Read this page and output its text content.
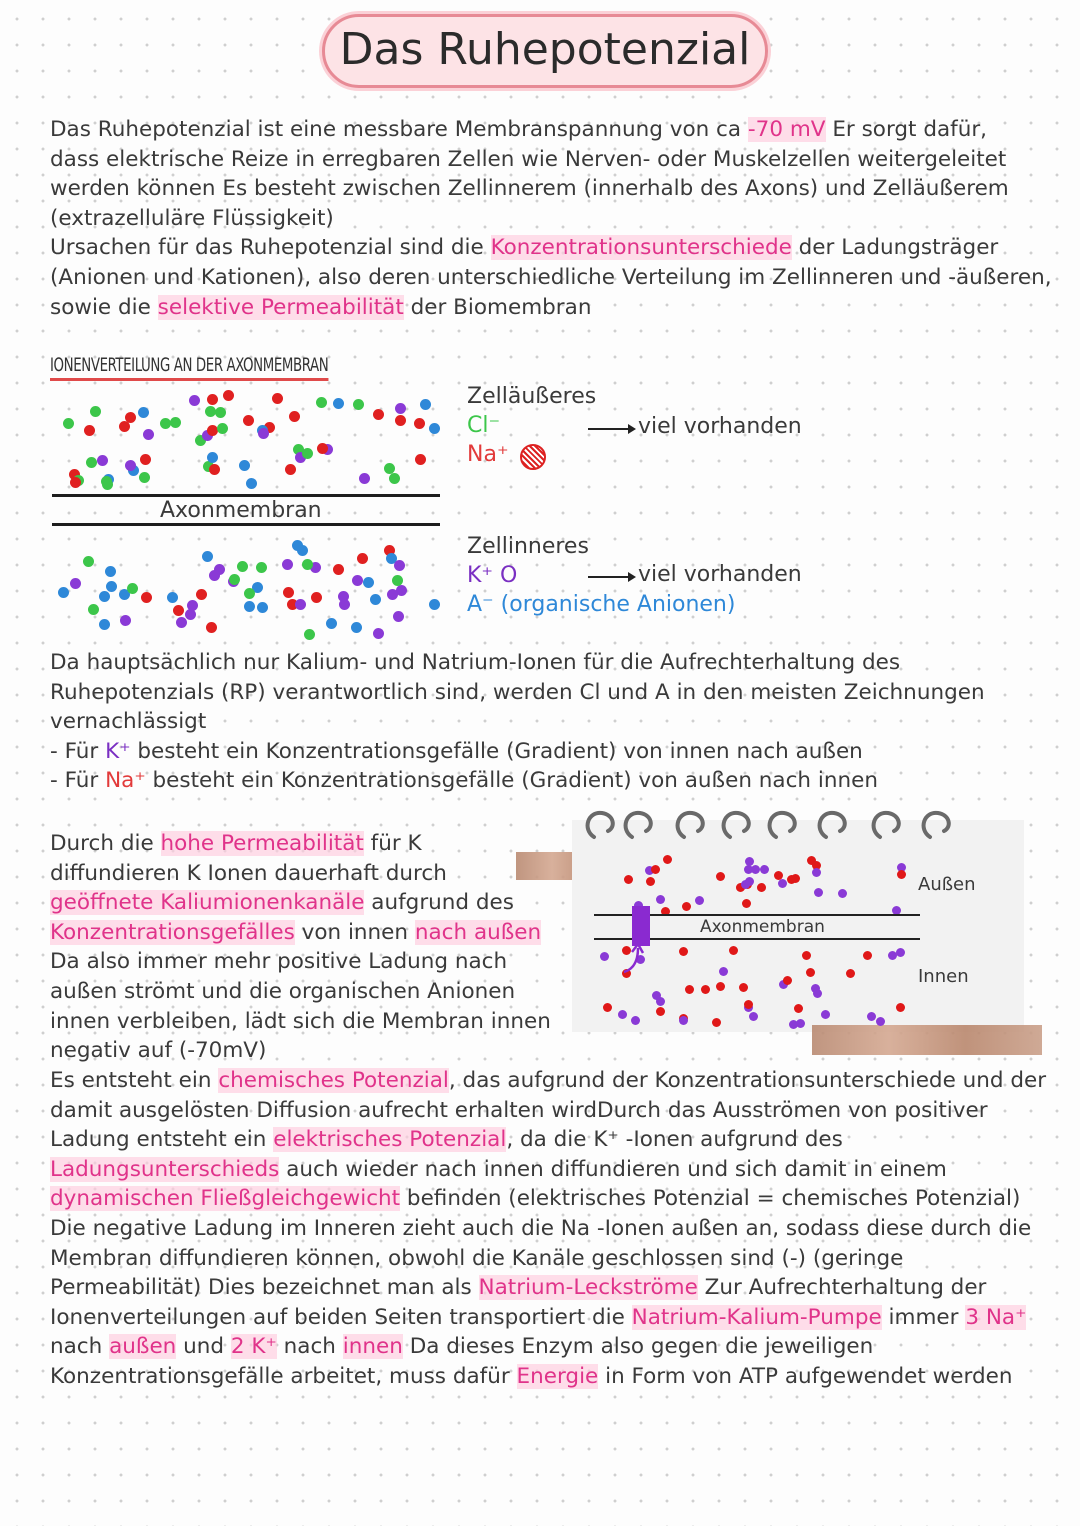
Das Ruhepotenzial
Das Ruhepotenzial ist eine messbare Membranspannung von ca -70 mV Er sorgt dafür,
dass elektrische Reize in erregbaren Zellen wie Nerven- oder Muskelzellen weitergeleitet
werden können Es besteht zwischen Zellinnerem (innerhalb des Axons) und Zelläußerem
(extrazelluläre Flüssigkeit)
Ursachen für das Ruhepotenzial sind die Konzentrationsunterschiede der Ladungsträger
(Anionen und Kationen), also deren unterschiedliche Verteilung im Zellinneren und -äußeren,
sowie die selektive Permeabilität der Biomembran
IONENVERTEILUNG AN DER AXONMEMBRAN
Axonmembran
Zelläußeres
Cl⁻
Na⁺
viel vorhanden
Zellinneres
K⁺ O	viel vorhanden
A⁻ (organische Anionen)
Da hauptsächlich nur Kalium- und Natrium-Ionen für die Aufrechterhaltung des
Ruhepotenzials (RP) verantwortlich sind, werden Cl und A in den meisten Zeichnungen
vernachlässigt
- Für K⁺ besteht ein Konzentrationsgefälle (Gradient) von innen nach außen
- Für Na⁺ besteht ein Konzentrationsgefälle (Gradient) von außen nach innen
Durch die hohe Permeabilität für K
diffundieren K Ionen dauerhaft durch
geöffnete Kaliumionenkanäle aufgrund des
Konzentrationsgefälles von innen nach außen
Da also immer mehr positive Ladung nach
außen strömt und die organischen Anionen
innen verbleiben, lädt sich die Membran innen
negativ auf (-70mV)
Axonmembran
Außen
Innen
Es entsteht ein chemisches Potenzial, das aufgrund der Konzentrationsunterschiede und der
damit ausgelösten Diffusion aufrecht erhalten wirdDurch das Ausströmen von positiver
Ladung entsteht ein elektrisches Potenzial, da die K⁺ -Ionen aufgrund des
Ladungsunterschieds auch wieder nach innen diffundieren und sich damit in einem
dynamischen Fließgleichgewicht befinden (elektrisches Potenzial = chemisches Potenzial)
Die negative Ladung im Inneren zieht auch die Na -Ionen außen an, sodass diese durch die
Membran diffundieren können, obwohl die Kanäle geschlossen sind (-) (geringe
Permeabilität) Dies bezeichnet man als Natrium-Leckströme Zur Aufrechterhaltung der
Ionenverteilungen auf beiden Seiten transportiert die Natrium-Kalium-Pumpe immer 3 Na⁺
nach außen und 2 K⁺ nach innen Da dieses Enzym also gegen die jeweiligen
Konzentrationsgefälle arbeitet, muss dafür Energie in Form von ATP aufgewendet werden
